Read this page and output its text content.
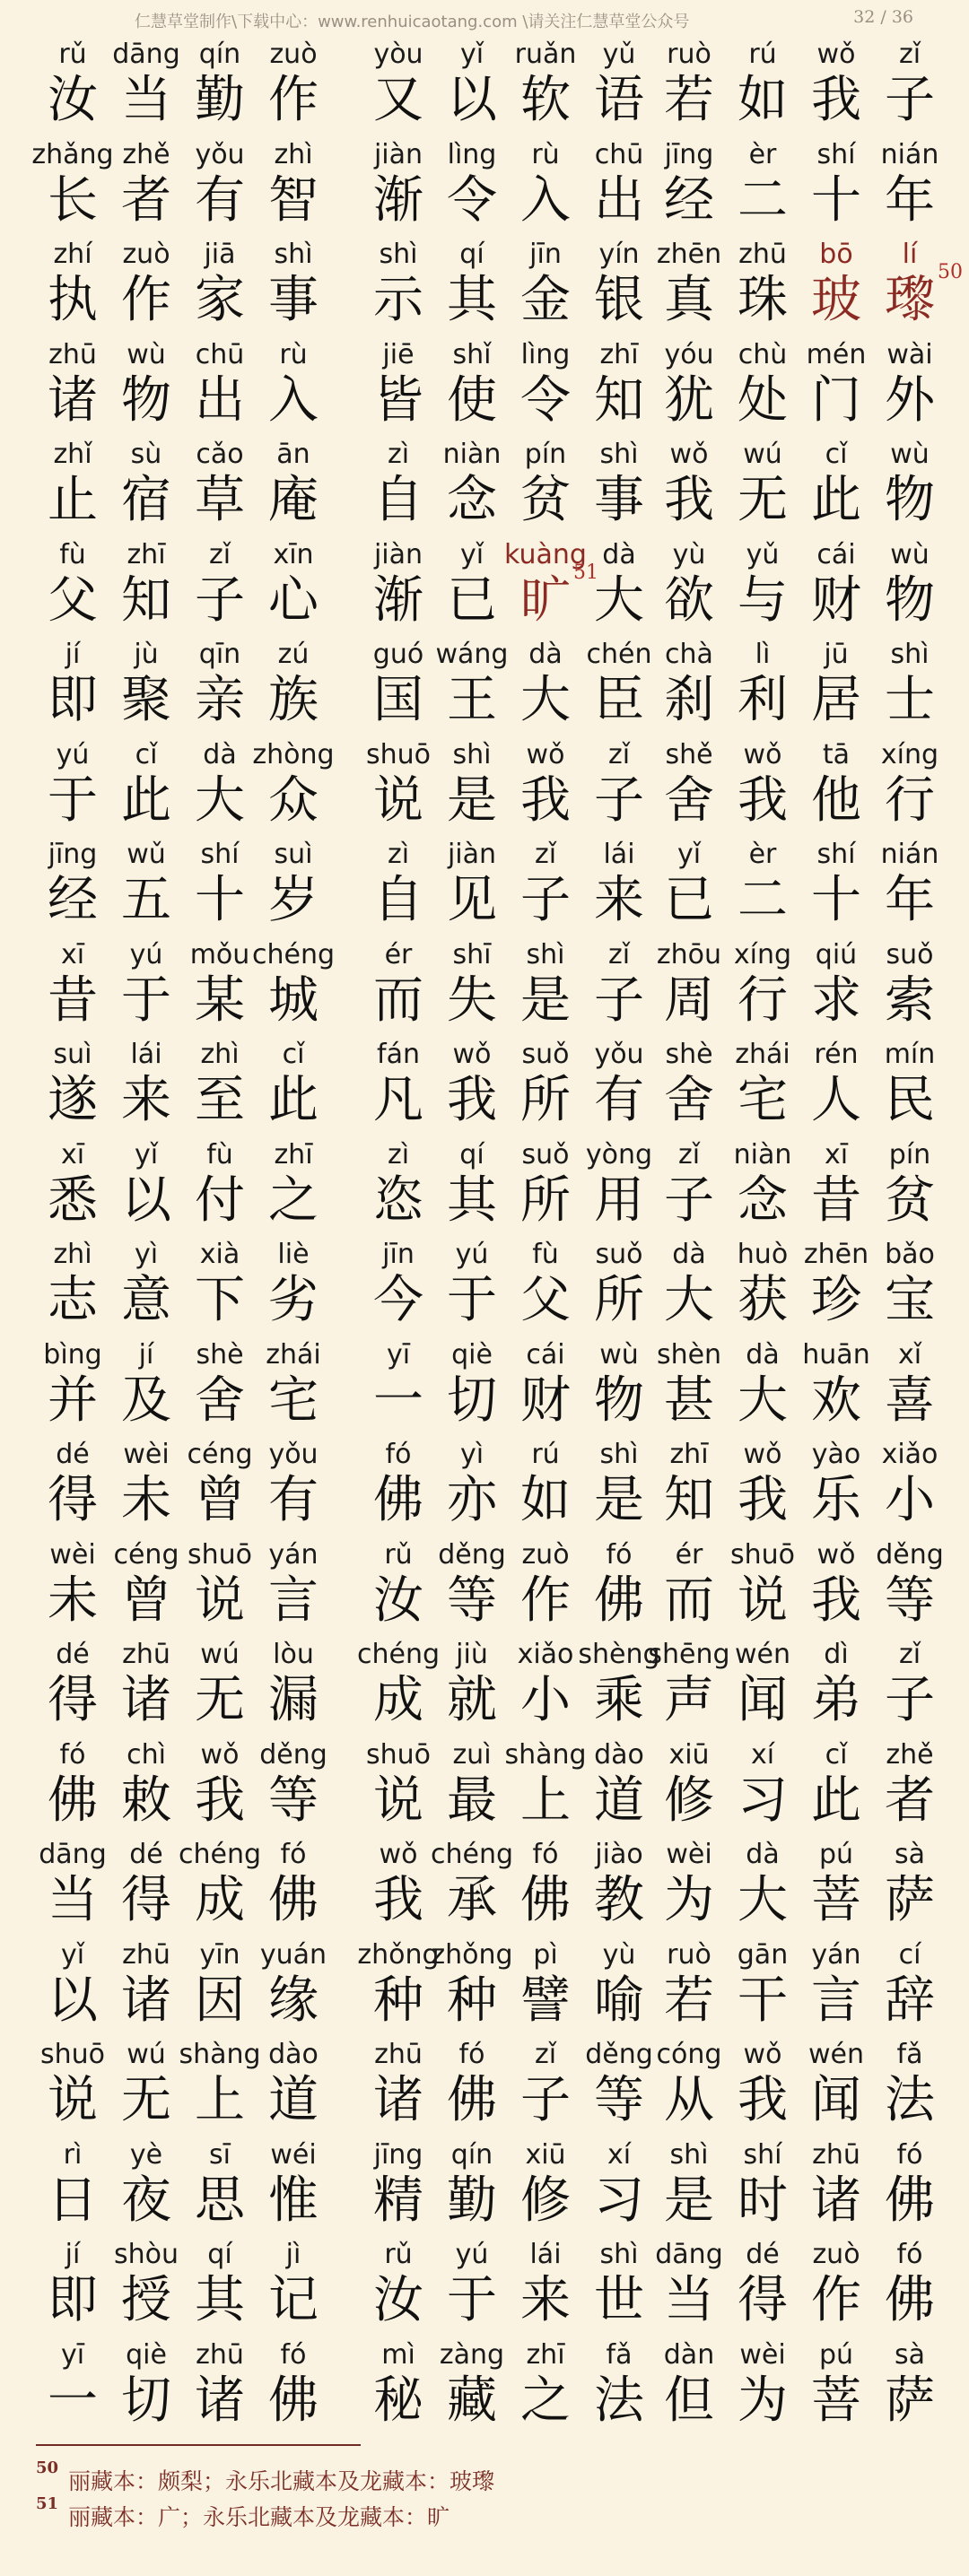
仁慧草堂制作\下载中心：www.renhuicaotang.com \请关注仁慧草堂公众号	32 / 36
rǔ
汝
dāng
当
qín
勤
zuò
作
yòu
又
yǐ
以
ruǎn
软
yǔ
语
ruò
若
rú
如
wǒ
我
zǐ
子
zhǎng
长
zhě
者
yǒu
有
zhì
智
jiàn
渐
lìng
令
rù
入
chū
出
jīng
经
èr
二
shí
十
nián
年
zhí
执
zuò
作
jiā
家
shì
事
shì
示
qí
其
jīn
金
yín
银
zhēn
真
zhū
珠
bō
玻
lí
瓈 50
zhū
诸
wù
物
chū
出
rù
入
jiē
皆
shǐ
使
lìng
令
zhī
知
yóu
犹
chù
处
mén
门
wài
外
zhǐ
止
sù
宿
cǎo
草
ān
庵
zì
自
niàn
念
pín
贫
shì
事
wǒ
我
wú
无
cǐ
此
wù
物
fù
父
zhī
知
zǐ
子
xīn
心
jiàn
渐
yǐ
已
kuàng
旷 51
dà
大
yù
欲
yǔ
与
cái
财
wù
物
jí
即
jù
聚
qīn
亲
zú
族
guó
国
wáng
王
dà
大
chén
臣
chà
刹
lì
利
jū
居
shì
士
yú
于
cǐ
此
dà
大
zhòng
众
shuō
说
shì
是
wǒ
我
zǐ
子
shě
舍
wǒ
我
tā
他
xíng
行
jīng
经
wǔ
五
shí
十
suì
岁
zì
自
jiàn
见
zǐ
子
lái
来
yǐ
已
èr
二
shí
十
nián
年
xī
昔
yú
于
mǒu
某
chéng
城
ér
而
shī
失
shì
是
zǐ
子
zhōu
周
xíng
行
qiú
求
suǒ
索
suì
遂
lái
来
zhì
至
cǐ
此
fán
凡
wǒ
我
suǒ
所
yǒu
有
shè
舍
zhái
宅
rén
人
mín
民
xī
悉
yǐ
以
fù
付
zhī
之
zì
恣
qí
其
suǒ
所
yòng
用
zǐ
子
niàn
念
xī
昔
pín
贫
zhì
志
yì
意
xià
下
liè
劣
jīn
今
yú
于
fù
父
suǒ
所
dà
大
huò
获
zhēn
珍
bǎo
宝
bìng
并
jí
及
shè
舍
zhái
宅
yī
一
qiè
切
cái
财
wù
物
shèn
甚
dà
大
huān
欢
xǐ
喜
dé
得
wèi
未
céng
曾
yǒu
有
fó
佛
yì
亦
rú
如
shì
是
zhī
知
wǒ
我
yào
乐
xiǎo
小
wèi
未
céng
曾
shuō
说
yán
言
rǔ
汝
děng
等
zuò
作
fó
佛
ér
而
shuō
说
wǒ
我
děng
等
dé
得
zhū
诸
wú
无
lòu
漏
chéng
成
jiù
就
xiǎo
小
shèng
乘
shēng
声
wén
闻
dì
弟
zǐ
子
fó
佛
chì
敕
wǒ
我
děng
等
shuō
说
zuì
最
shàng
上
dào
道
xiū
修
xí
习
cǐ
此
zhě
者
dāng
当
dé
得
chéng
成
fó
佛
wǒ
我
chéng
承
fó
佛
jiào
教
wèi
为
dà
大
pú
菩
sà
萨
yǐ
以
zhū
诸
yīn
因
yuán
缘
zhǒng
种
zhǒng
种
pì
譬
yù
喻
ruò
若
gān
干
yán
言
cí
辞
shuō
说
wú
无
shàng
上
dào
道
zhū
诸
fó
佛
zǐ
子
děng
等
cóng
从
wǒ
我
wén
闻
fǎ
法
rì
日
yè
夜
sī
思
wéi
惟
jīng
精
qín
勤
xiū
修
xí
习
shì
是
shí
时
zhū
诸
fó
佛
jí
即
shòu
授
qí
其
jì
记
rǔ
汝
yú
于
lái
来
shì
世
dāng
当
dé
得
zuò
作
fó
佛
yī
一
qiè
切
zhū
诸
fó
佛
mì
秘
zàng
藏
zhī
之
fǎ
法
dàn
但
wèi
为
pú
菩
sà
萨
50
丽藏本：颇梨；永乐北藏本及龙藏本：玻瓈
51
丽藏本：广；永乐北藏本及龙藏本：旷
